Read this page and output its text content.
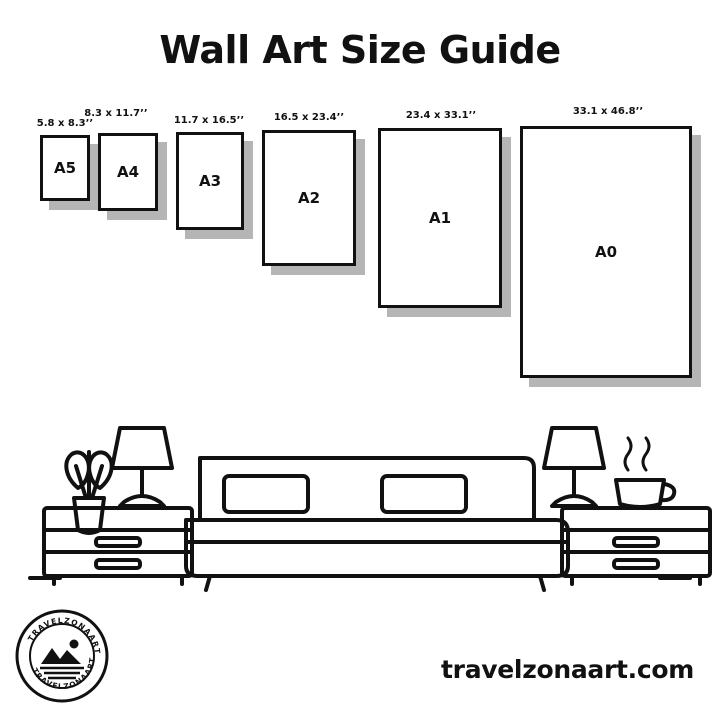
Wall Art Size Guide
5.8 x 8.3’’
A5
8.3 x 11.7’’
A4
11.7 x 16.5’’
A3
16.5 x 23.4’’
A2
23.4 x 33.1’’
A1
33.1 x 46.8’’
A0
TRAVELZONAART
TRAVELZONAART	travelzonaart.com
